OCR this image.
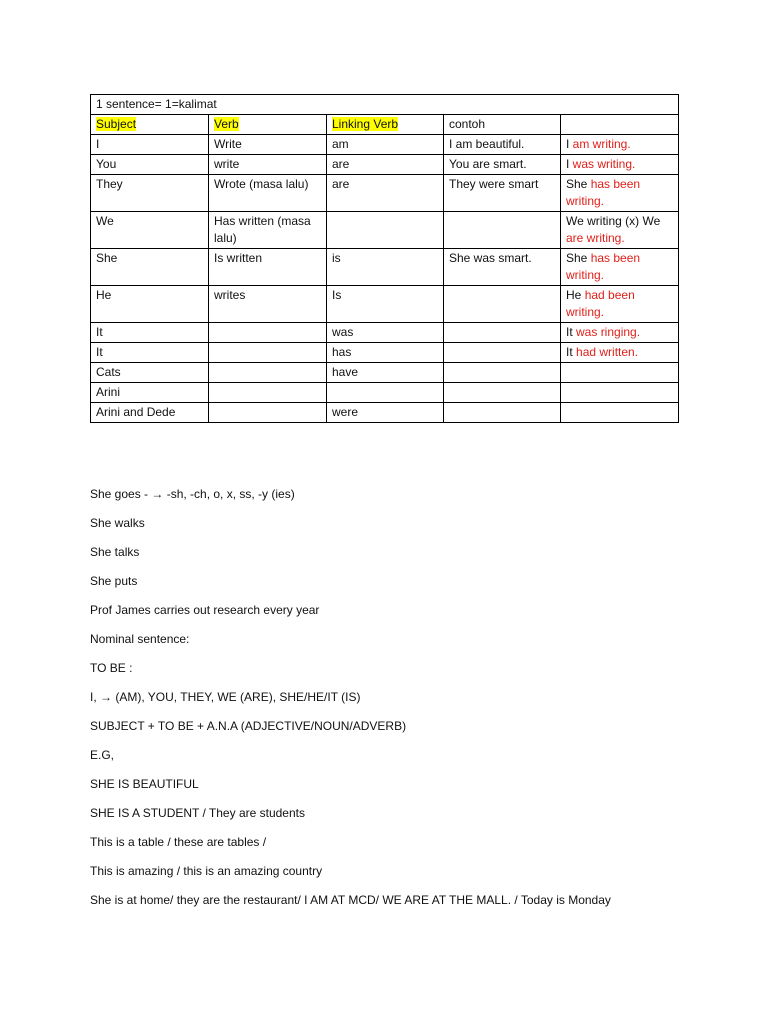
1 sentence= 1=kalimat				
Subject	Verb	Linking Verb	contoh	
I	Write	am	I am beautiful.	I am writing.
You	write	are	You are smart.	I was writing.
They	Wrote (masa lalu)	are	They were smart	She has been writing.
We	Has written (masa lalu)			We writing (x) We are writing.
She	Is written	is	She was smart.	She has been writing.
He	writes	Is		He had been writing.
It		was		It was ringing.
It		has		It had written.
Cats		have		
Arini				
Arini and Dede		were		

She goes - → -sh, -ch, o, x, ss, -y (ies)

She walks

She talks

She puts

Prof James carries out research every year

Nominal sentence:

TO BE :

I, → (AM), YOU, THEY, WE (ARE), SHE/HE/IT (IS)

SUBJECT + TO BE + A.N.A (ADJECTIVE/NOUN/ADVERB)

E.G,

SHE IS BEAUTIFUL

SHE IS A STUDENT / They are students

This is a table / these are tables /

This is amazing / this is an amazing country

She is at home/ they are the restaurant/ I AM AT MCD/ WE ARE AT THE MALL. / Today is Monday
